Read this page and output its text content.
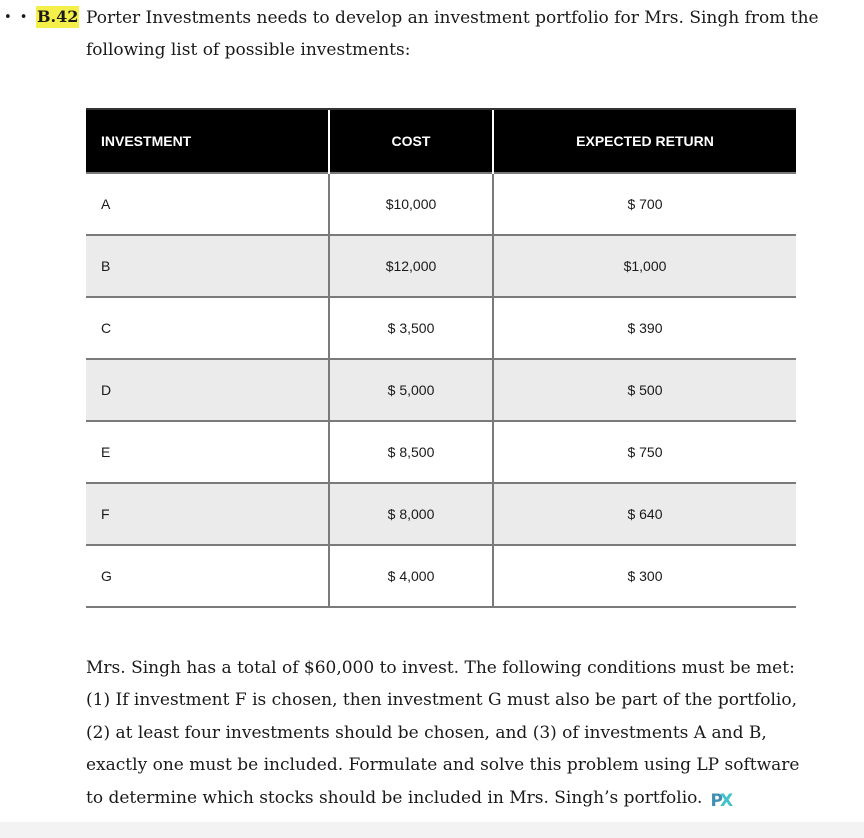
• • B.42 Porter Investments needs to develop an investment portfolio for Mrs. Singh from the following list of possible investments:
INVESTMENT	COST	EXPECTED RETURN
A	$10,000	$ 700
B	$12,000	$1,000
C	$ 3,500	$ 390
D	$ 5,000	$ 500
E	$ 8,500	$ 750
F	$ 8,000	$ 640
G	$ 4,000	$ 300
Mrs. Singh has a total of $60,000 to invest. The following conditions must be met: (1) If investment F is chosen, then investment G must also be part of the portfolio, (2) at least four investments should be chosen, and (3) of investments A and B, exactly one must be included. Formulate and solve this problem using LP software to determine which stocks should be included in Mrs. Singh’s portfolio. PX
